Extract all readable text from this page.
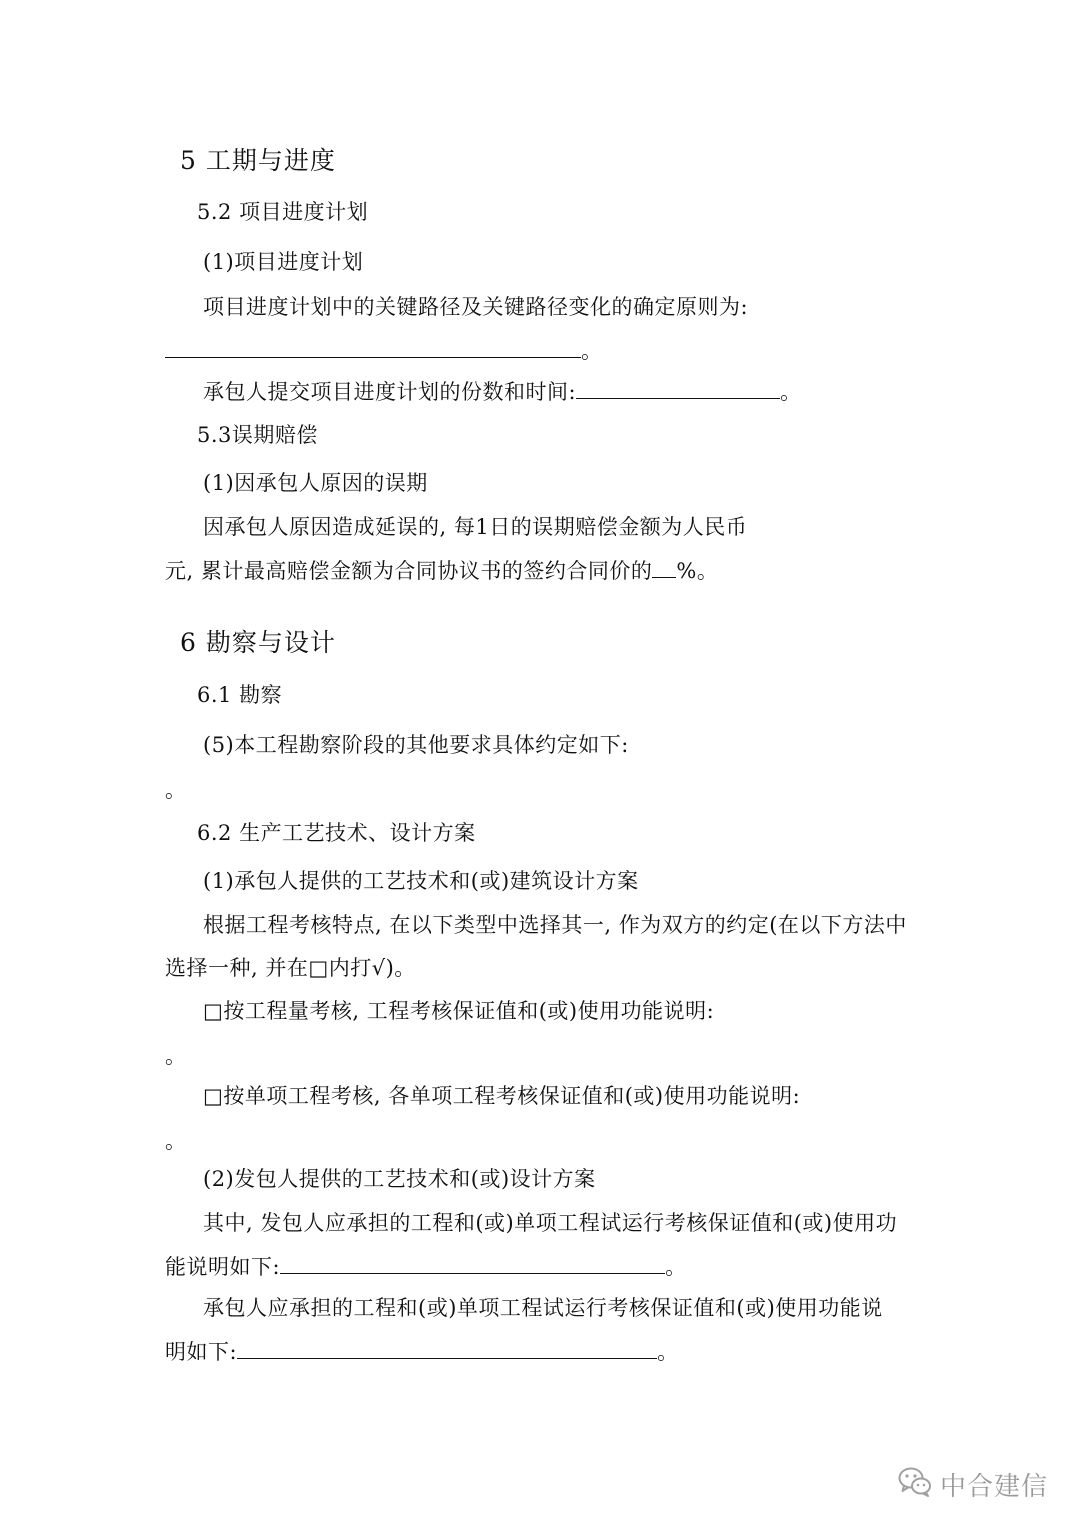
5 工期与进度
5.2 项目进度计划
(1)项目进度计划
项目进度计划中的关键路径及关键路径变化的确定原则为:
。
承包人提交项目进度计划的份数和时间:	。
5.3误期赔偿
(1)因承包人原因的误期
因承包人原因造成延误的, 每1日的误期赔偿金额为人民币
元, 累计最高赔偿金额为合同协议书的签约合同价的 %。
6 勘察与设计
6.1 勘察
(5)本工程勘察阶段的其他要求具体约定如下:
。
6.2 生产工艺技术、设计方案
(1)承包人提供的工艺技术和(或)建筑设计方案
根据工程考核特点, 在以下类型中选择其一, 作为双方的约定(在以下方法中
选择一种, 并在□内打√)。
□按工程量考核, 工程考核保证值和(或)使用功能说明:
。
□按单项工程考核, 各单项工程考核保证值和(或)使用功能说明:
。
(2)发包人提供的工艺技术和(或)设计方案
其中, 发包人应承担的工程和(或)单项工程试运行考核保证值和(或)使用功
能说明如下:	。
承包人应承担的工程和(或)单项工程试运行考核保证值和(或)使用功能说
明如下:	。
中合建信
